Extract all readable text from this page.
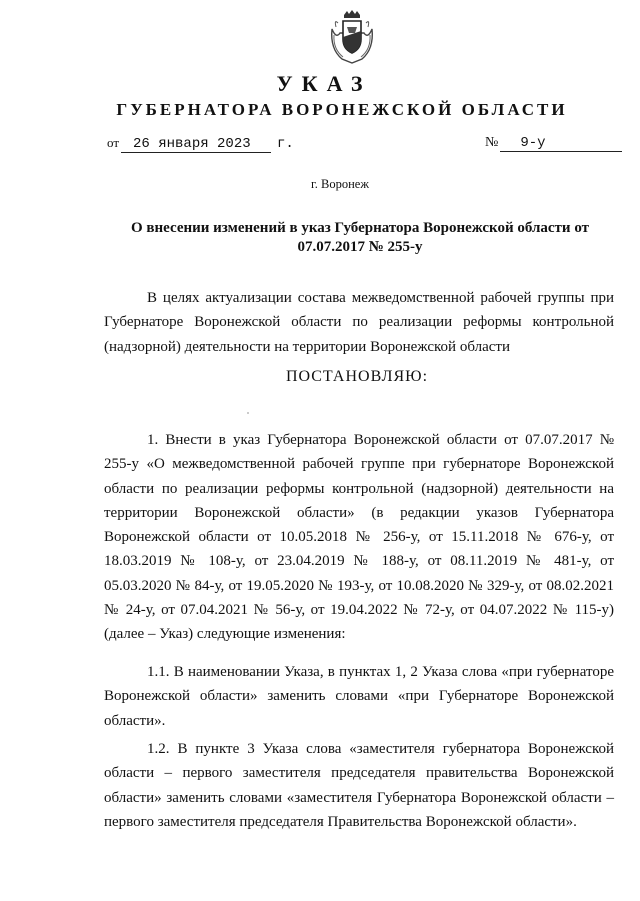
УКАЗ
ГУБЕРНАТОРА ВОРОНЕЖСКОЙ ОБЛАСТИ
от 26 января 2023 г.	№ 9-у
г. Воронеж
О внесении изменений в указ Губернатора Воронежской области от 07.07.2017 № 255-у
В целях актуализации состава межведомственной рабочей группы при Губернаторе Воронежской области по реализации реформы контрольной (надзорной) деятельности на территории Воронежской области
ПОСТАНОВЛЯЮ:
1. Внести в указ Губернатора Воронежской области от 07.07.2017 № 255-у «О межведомственной рабочей группе при губернаторе Воронежской области по реализации реформы контрольной (надзорной) деятельности на территории Воронежской области» (в редакции указов Губернатора Воронежской области от 10.05.2018 № 256-у, от 15.11.2018 № 676-у, от 18.03.2019 № 108-у, от 23.04.2019 № 188-у, от 08.11.2019 № 481-у, от 05.03.2020 № 84-у, от 19.05.2020 № 193-у, от 10.08.2020 № 329-у, от 08.02.2021 № 24-у, от 07.04.2021 № 56-у, от 19.04.2022 № 72-у, от 04.07.2022 № 115-у) (далее – Указ) следующие изменения:
1.1. В наименовании Указа, в пунктах 1, 2 Указа слова «при губернаторе Воронежской области» заменить словами «при Губернаторе Воронежской области».
1.2. В пункте 3 Указа слова «заместителя губернатора Воронежской области – первого заместителя председателя правительства Воронежской области» заменить словами «заместителя Губернатора Воронежской области – первого заместителя председателя Правительства Воронежской области».
